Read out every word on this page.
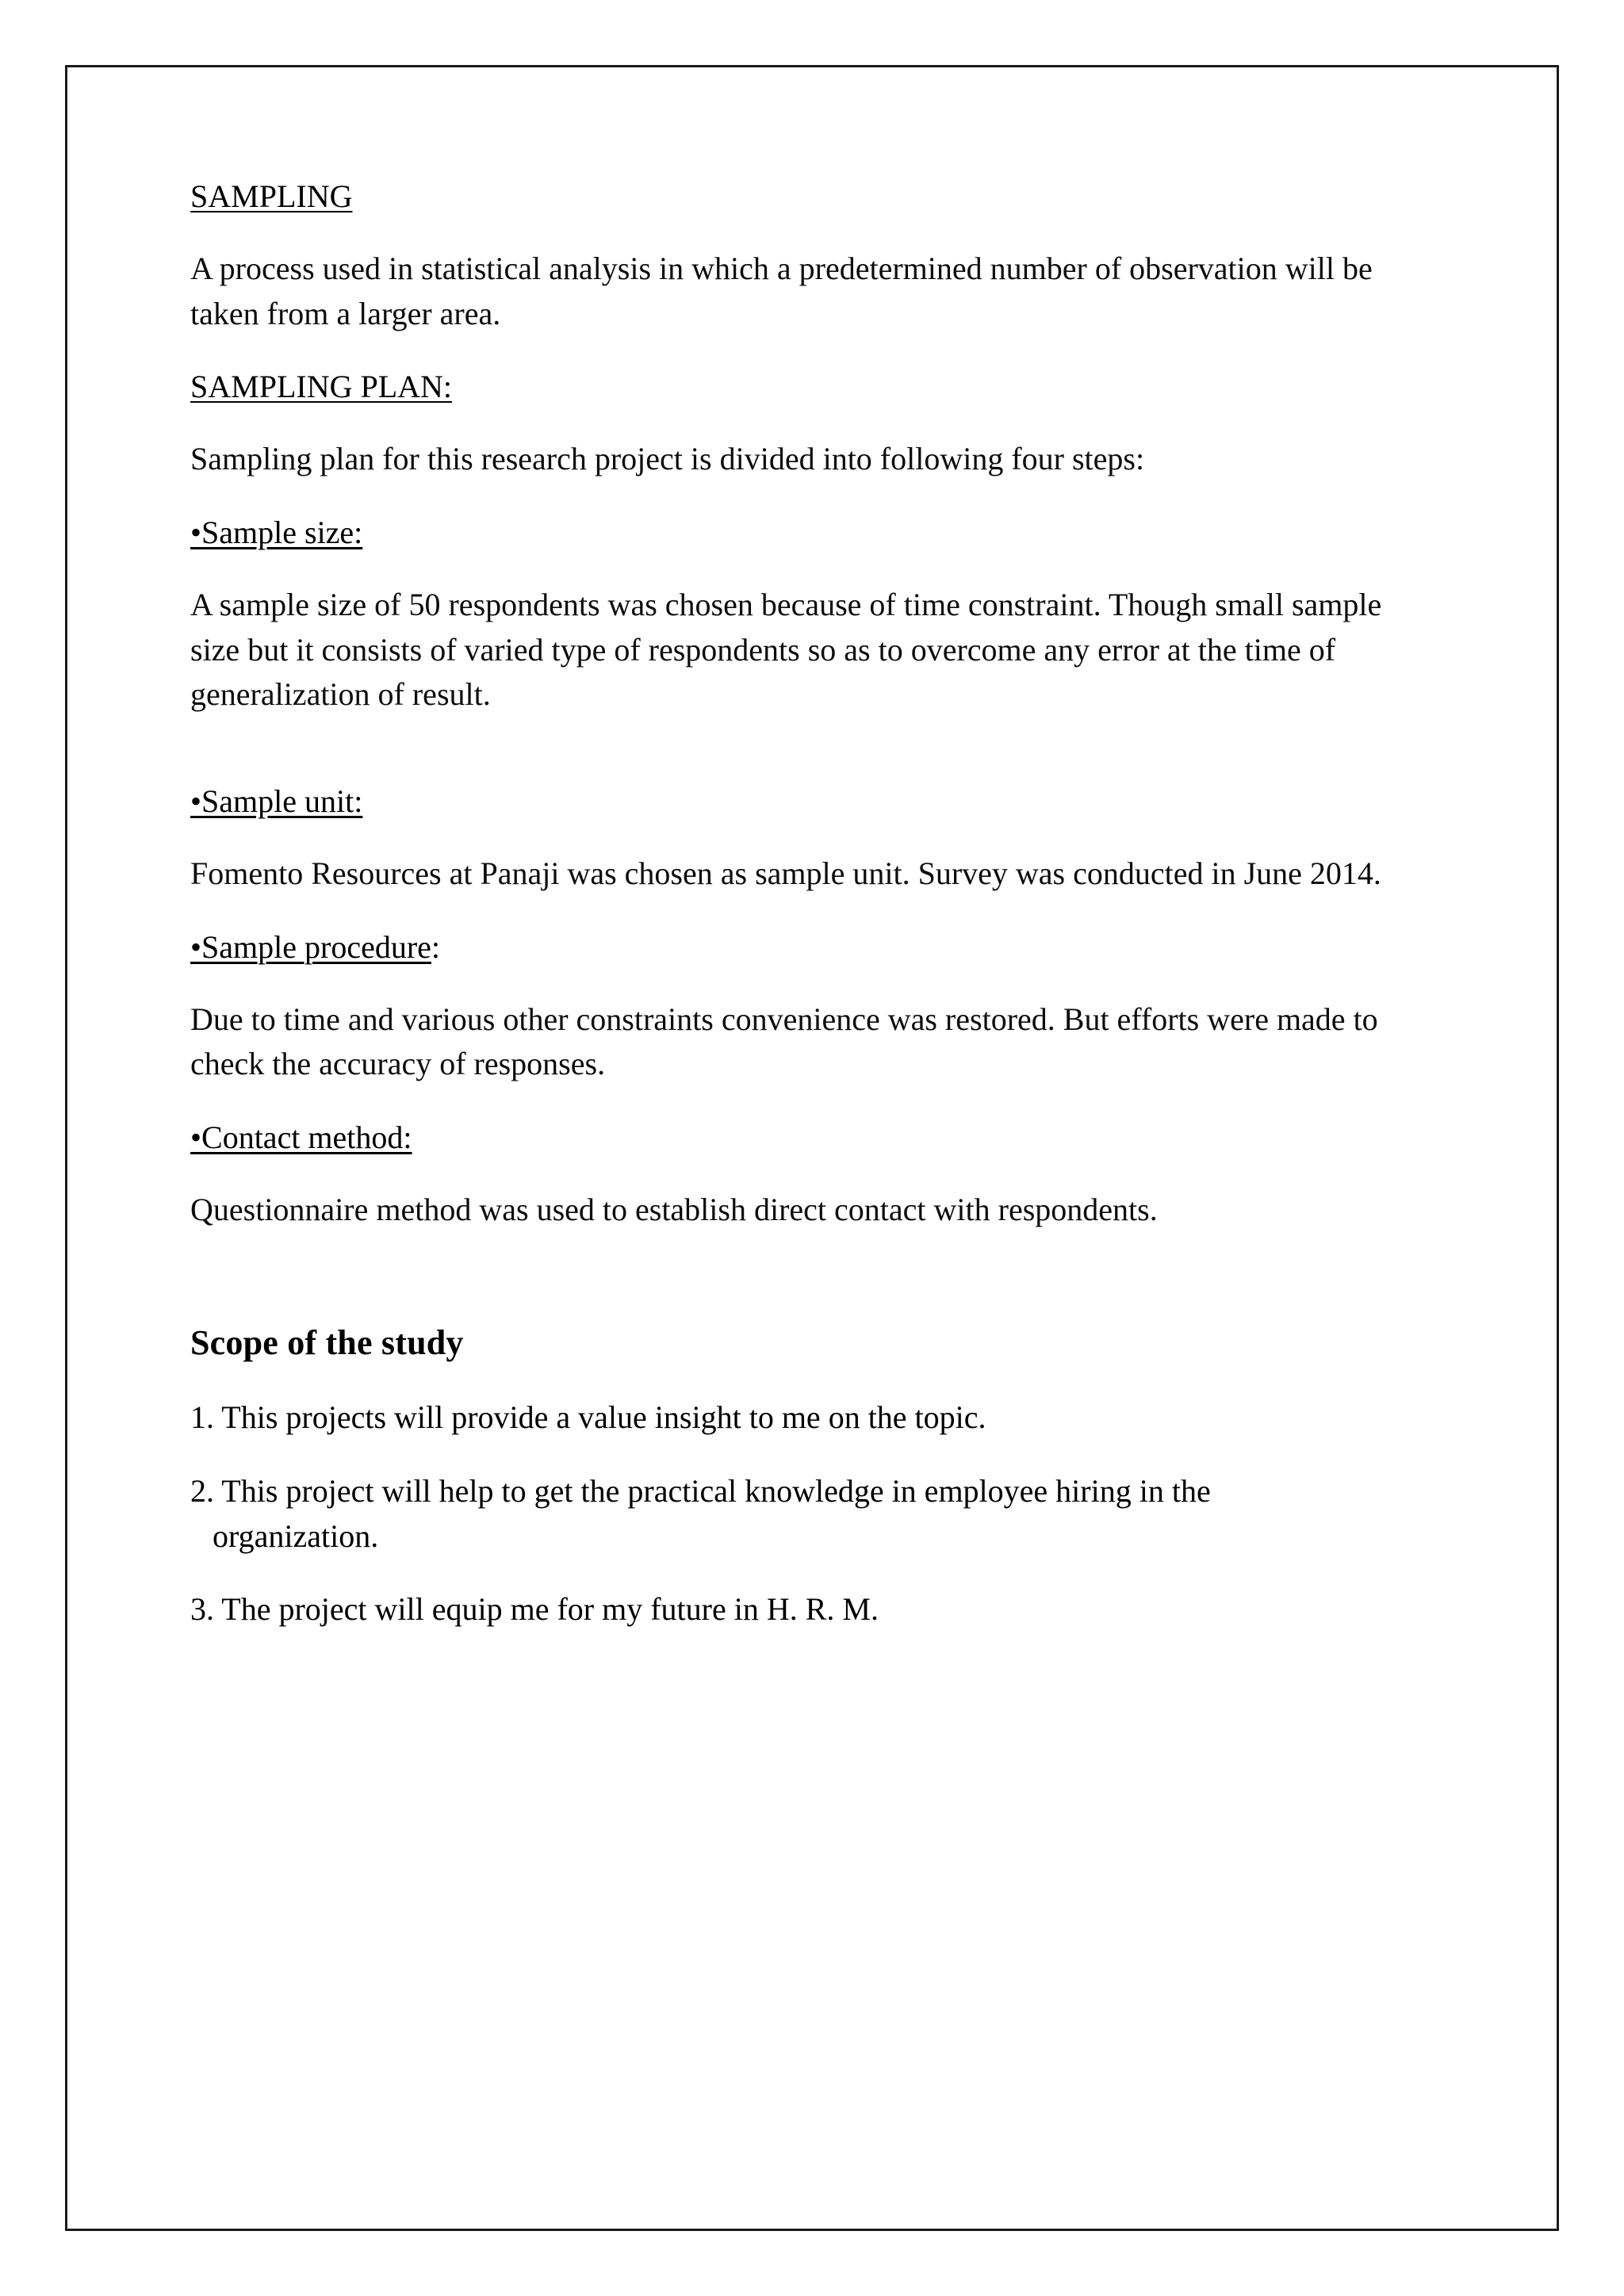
SAMPLING

A process used in statistical analysis in which a predetermined number of observation will be taken from a larger area.

SAMPLING PLAN:

Sampling plan for this research project is divided into following four steps:

•Sample size:

A sample size of 50 respondents was chosen because of time constraint. Though small sample size but it consists of varied type of respondents so as to overcome any error at the time of generalization of result.

•Sample unit:

Fomento Resources at Panaji was chosen as sample unit. Survey was conducted in June 2014.

•Sample procedure:

Due to time and various other constraints convenience was restored. But efforts were made to check the accuracy of responses.

•Contact method:

Questionnaire method was used to establish direct contact with respondents.

Scope of the study

1. This projects will provide a value insight to me on the topic.

2. This project will help to get the practical knowledge in employee hiring in the

organization.

3. The project will equip me for my future in H. R. M.
